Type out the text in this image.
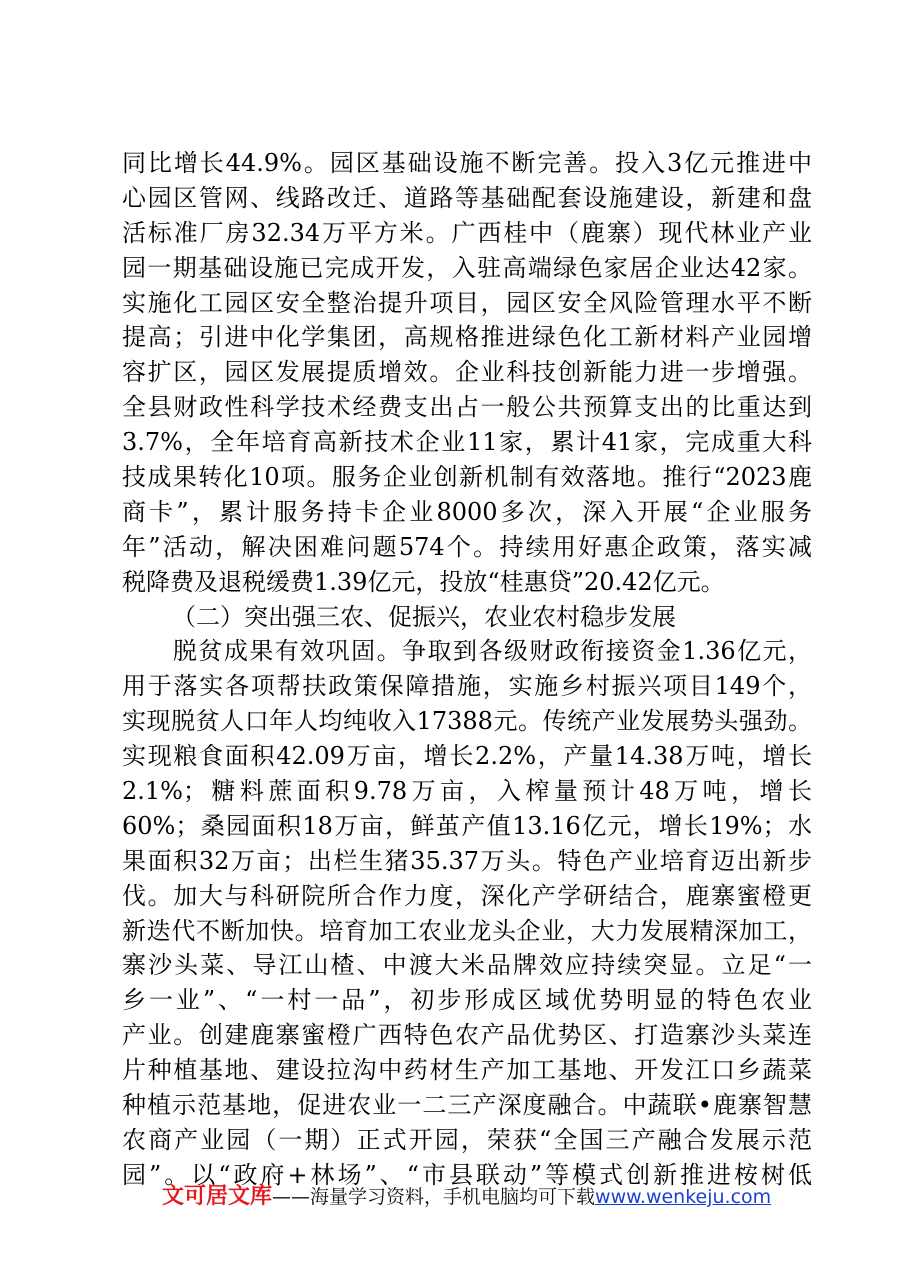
同比增长44.9%。园区基础设施不断完善。投入3亿元推进中
心园区管网、线路改迁、道路等基础配套设施建设，新建和盘
活标准厂房32.34万平方米。广西桂中（鹿寨）现代林业产业
园一期基础设施已完成开发，入驻高端绿色家居企业达42家。
实施化工园区安全整治提升项目，园区安全风险管理水平不断
提高；引进中化学集团，高规格推进绿色化工新材料产业园增
容扩区，园区发展提质增效。企业科技创新能力进一步增强。
全县财政性科学技术经费支出占一般公共预算支出的比重达到
3.7%，全年培育高新技术企业11家，累计41家，完成重大科
技成果转化10项。服务企业创新机制有效落地。推行“2023鹿
商卡”，累计服务持卡企业8000多次，深入开展“企业服务
年”活动，解决困难问题574个。持续用好惠企政策，落实减
税降费及退税缓费1.39亿元，投放“桂惠贷”20.42亿元。
（二）突出强三农、促振兴，农业农村稳步发展
　　脱贫成果有效巩固。争取到各级财政衔接资金1.36亿元，
用于落实各项帮扶政策保障措施，实施乡村振兴项目149个，
实现脱贫人口年人均纯收入17388元。传统产业发展势头强劲。
实现粮食面积42.09万亩，增长2.2%，产量14.38万吨，增长
2.1%；糖料蔗面积9.78万亩，入榨量预计48万吨，增长
60%；桑园面积18万亩，鲜茧产值13.16亿元，增长19%；水
果面积32万亩；出栏生猪35.37万头。特色产业培育迈出新步
伐。加大与科研院所合作力度，深化产学研结合，鹿寨蜜橙更
新迭代不断加快。培育加工农业龙头企业，大力发展精深加工，
寨沙头菜、导江山楂、中渡大米品牌效应持续突显。立足“一
乡一业”、“一村一品”，初步形成区域优势明显的特色农业
产业。创建鹿寨蜜橙广西特色农产品优势区、打造寨沙头菜连
片种植基地、建设拉沟中药材生产加工基地、开发江口乡蔬菜
种植示范基地，促进农业一二三产深度融合。中蔬联•鹿寨智慧
农商产业园（一期）正式开园，荣获“全国三产融合发展示范
园”。以“政府+林场”、“市县联动”等模式创新推进桉树低
文可居文库——海量学习资料，手机电脑均可下载www.wenkeju.com
